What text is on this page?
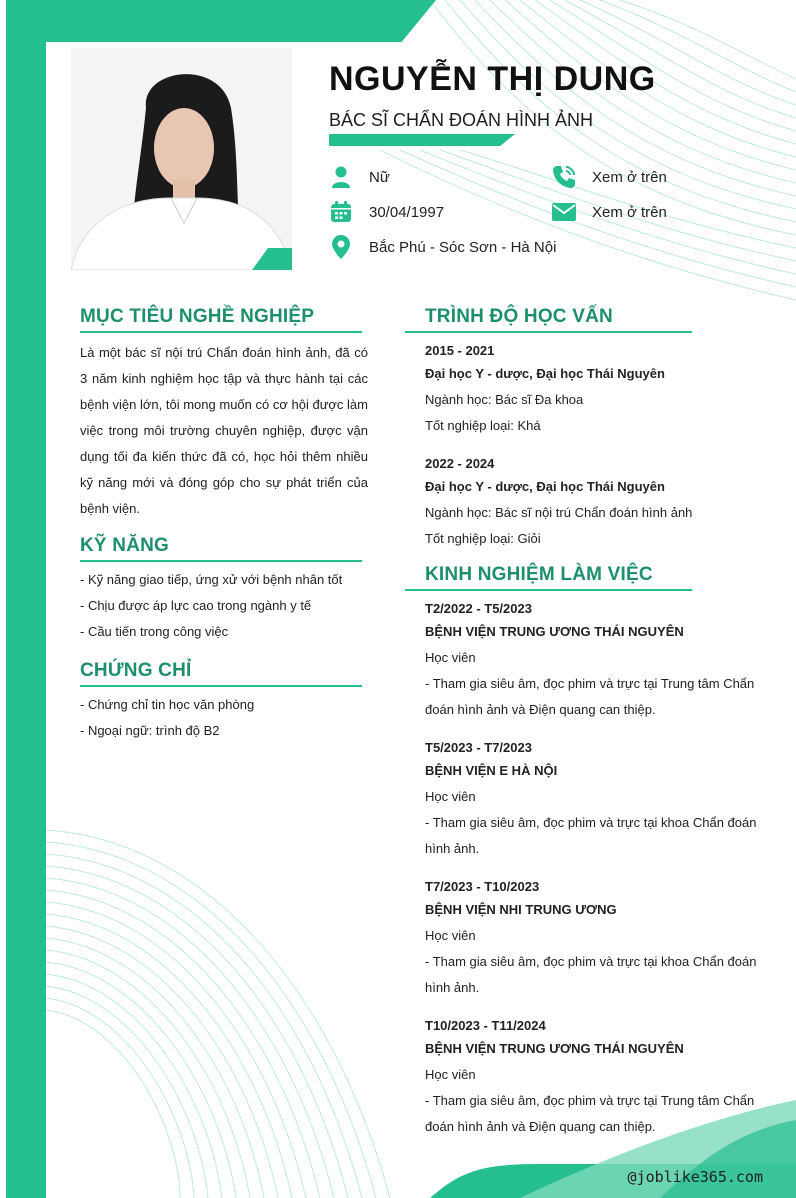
NGUYỄN THỊ DUNG
BÁC SĨ CHẨN ĐOÁN HÌNH ẢNH
Nữ
30/04/1997
Bắc Phú - Sóc Sơn - Hà Nội
Xem ở trên
Xem ở trên
MỤC TIÊU NGHỀ NGHIỆP
Là một bác sĩ nội trú Chẩn đoán hình ảnh, đã có 3 năm kinh nghiệm học tập và thực hành tại các bệnh viện lớn, tôi mong muốn có cơ hội được làm việc trong môi trường chuyên nghiệp, được vận dụng tối đa kiến thức đã có, học hỏi thêm nhiều kỹ năng mới và đóng góp cho sự phát triển của bệnh viện.
KỸ NĂNG
- Kỹ năng giao tiếp, ứng xử với bệnh nhân tốt
- Chịu được áp lực cao trong ngành y tế
- Cầu tiến trong công việc
CHỨNG CHỈ
- Chứng chỉ tin học văn phòng
- Ngoại ngữ: trình độ B2
TRÌNH ĐỘ HỌC VẤN
2015 - 2021
Đại học Y - dược, Đại học Thái Nguyên
Ngành học: Bác sĩ Đa khoa
Tốt nghiệp loại: Khá
2022 - 2024
Đại học Y - dược, Đại học Thái Nguyên
Ngành học: Bác sĩ nội trú Chẩn đoán hình ảnh
Tốt nghiệp loại: Giỏi
KINH NGHIỆM LÀM VIỆC
T2/2022 - T5/2023
BỆNH VIỆN TRUNG ƯƠNG THÁI NGUYÊN
Học viên
- Tham gia siêu âm, đọc phim và trực tại Trung tâm Chẩn đoán hình ảnh và Điện quang can thiệp.
T5/2023 - T7/2023
BỆNH VIỆN E HÀ NỘI
Học viên
- Tham gia siêu âm, đọc phim và trực tại khoa Chẩn đoán hình ảnh.
T7/2023 - T10/2023
BỆNH VIỆN NHI TRUNG ƯƠNG
Học viên
- Tham gia siêu âm, đọc phim và trực tại khoa Chẩn đoán hình ảnh.
T10/2023 - T11/2024
BỆNH VIỆN TRUNG ƯƠNG THÁI NGUYÊN
Học viên
- Tham gia siêu âm, đọc phim và trực tại Trung tâm Chẩn đoán hình ảnh và Điện quang can thiệp.
@joblike365.com
